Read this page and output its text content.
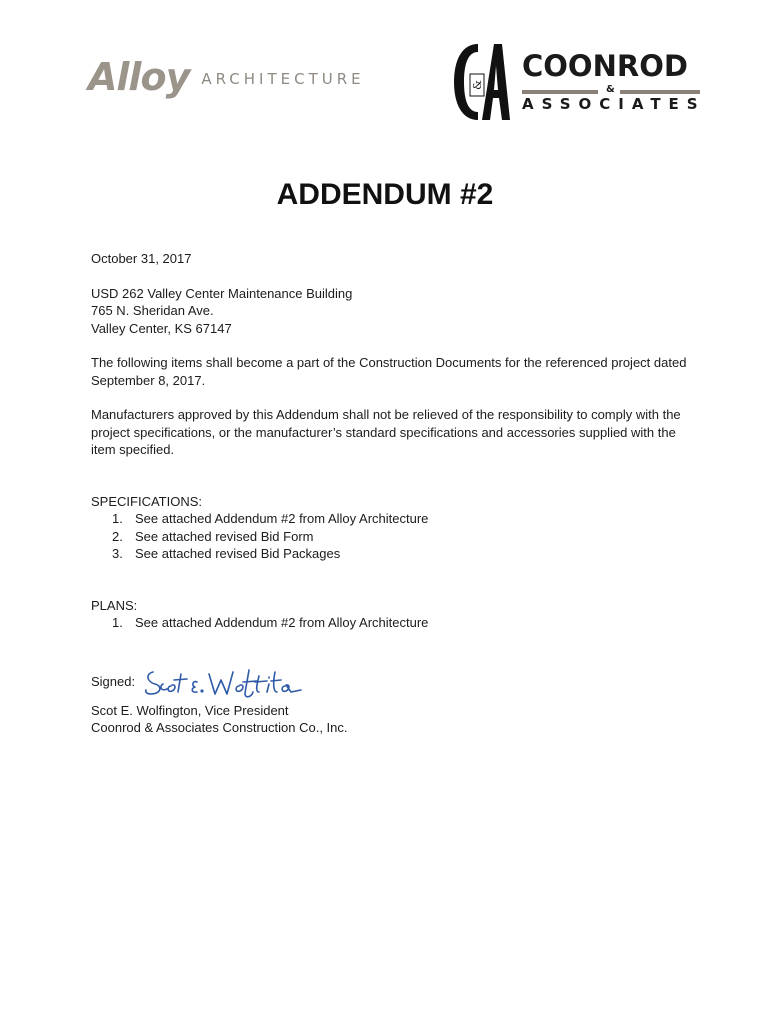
Alloy ARCHITECTURE	&
COONROD
&
ASSOCIATES
ADDENDUM #2

October 31, 2017

USD 262 Valley Center Maintenance Building
765 N. Sheridan Ave.
Valley Center, KS 67147

The following items shall become a part of the Construction Documents for the referenced project dated September 8, 2017.

Manufacturers approved by this Addendum shall not be relieved of the responsibility to comply with the project specifications, or the manufacturer’s standard specifications and accessories supplied with the item specified.

SPECIFICATIONS:

1. See attached Addendum #2 from Alloy Architecture
2. See attached revised Bid Form
3. See attached revised Bid Packages

PLANS:

1. See attached Addendum #2 from Alloy Architecture
Signed:

Scot E. Wolfington, Vice President
Coonrod & Associates Construction Co., Inc.
